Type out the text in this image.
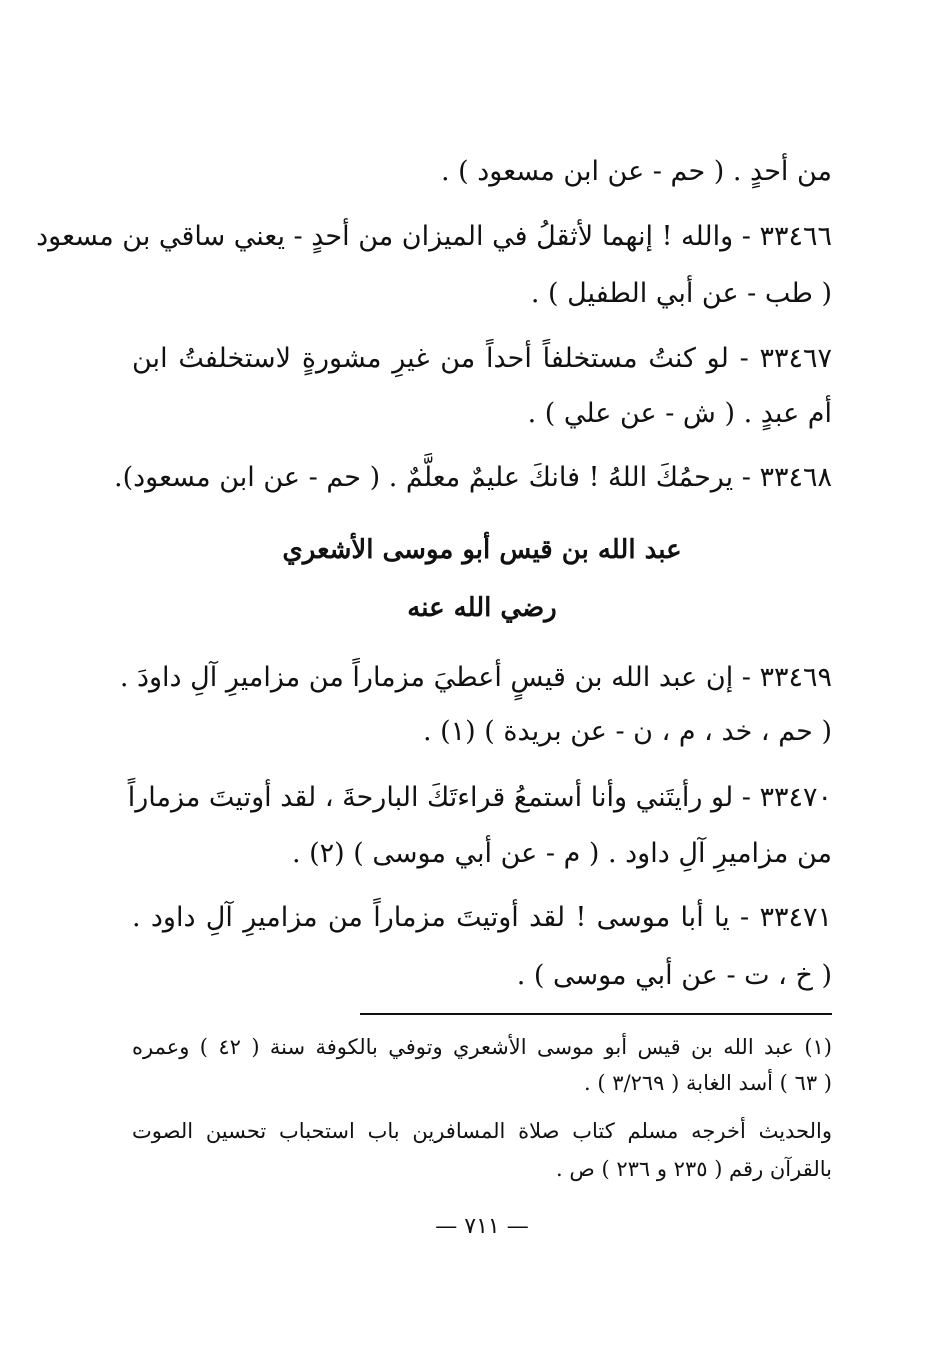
من أحدٍ . ( حم - عن ابن مسعود ) .
٣٣٤٦٦ - والله ! إنهما لأثقلُ في الميزان من أحدٍ - يعني ساقي بن مسعود
( طب - عن أبي الطفيل ) .
٣٣٤٦٧ - لو كنتُ مستخلفاً أحداً من غيرِ مشورةٍ لاستخلفتُ ابن
أم عبدٍ . ( ش - عن علي ) .
٣٣٤٦٨ - يرحمُكَ اللهُ ! فانكَ عليمٌ معلَّمٌ . ( حم - عن ابن مسعود).
عبد الله بن قيس أبو موسى الأشعري
رضي الله عنه
٣٣٤٦٩ - إن عبد الله بن قيسٍ أعطيَ مزماراً من مزاميرِ آلِ داودَ .
( حم ، خد ، م ، ن - عن بريدة ) (١) .
٣٣٤٧٠ - لو رأيتَني وأنا أستمعُ قراءتَكَ البارحةَ ، لقد أوتيتَ مزماراً
من مزاميرِ آلِ داود . ( م - عن أبي موسى ) (٢) .
٣٣٤٧١ - يا أبا موسى ! لقد أوتيتَ مزماراً من مزاميرِ آلِ داود .
( خ ، ت - عن أبي موسى ) .
(١) عبد الله بن قيس أبو موسى الأشعري وتوفي بالكوفة سنة ( ٤٢ ) وعمره
( ٦٣ ) أسد الغابة ( ٣/٢٦٩ ) .
والحديث أخرجه مسلم كتاب صلاة المسافرين باب استحباب تحسين الصوت
بالقرآن رقم ( ٢٣٥ و ٢٣٦ ) ص .
— ٧١١ —
